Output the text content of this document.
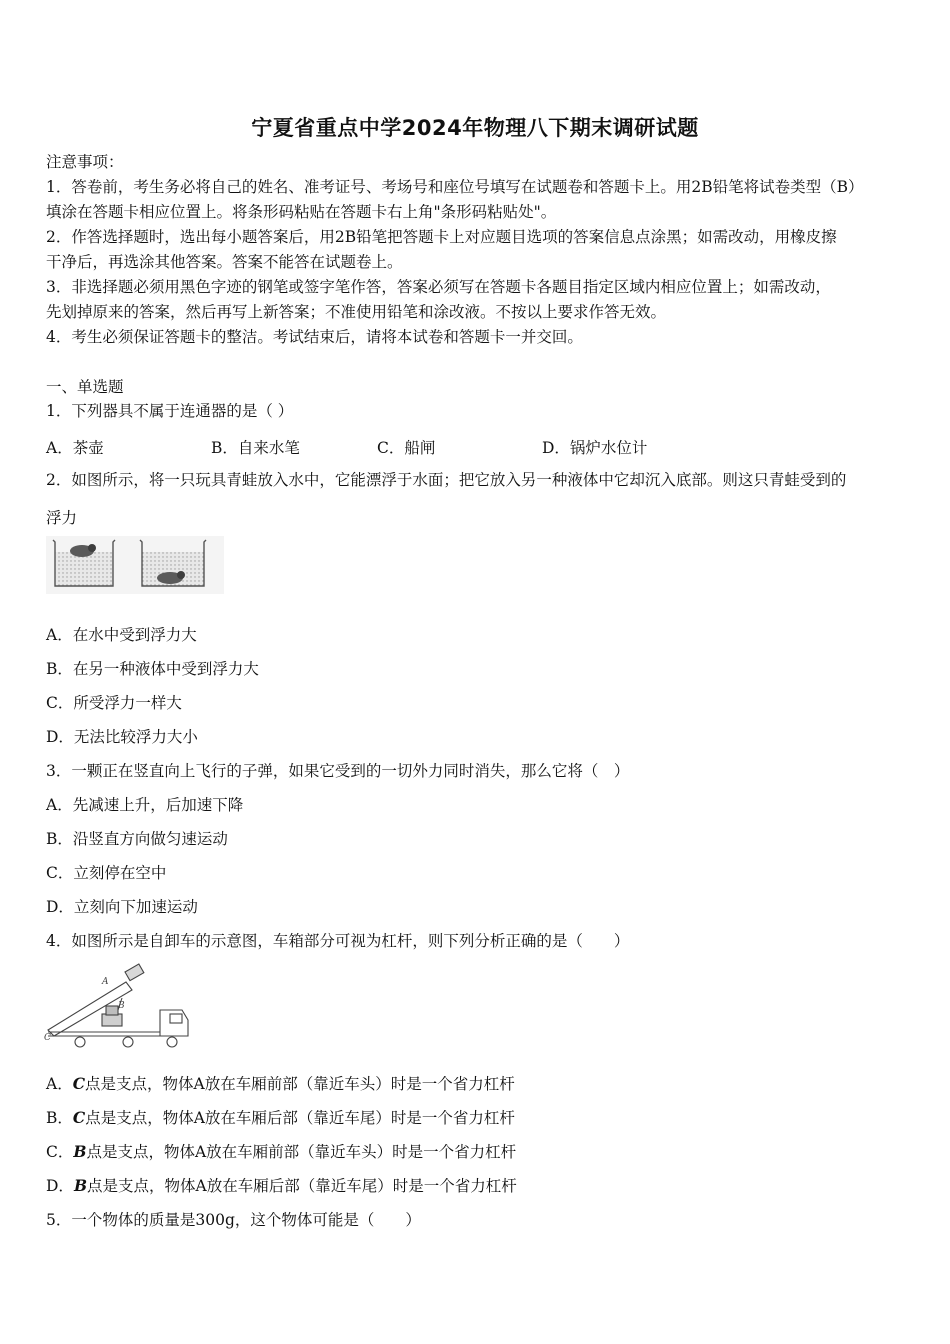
宁夏省重点中学2024年物理八下期末调研试题
注意事项：
1．答卷前，考生务必将自己的姓名、准考证号、考场号和座位号填写在试题卷和答题卡上。用2B铅笔将试卷类型（B）
填涂在答题卡相应位置上。将条形码粘贴在答题卡右上角"条形码粘贴处"。
2．作答选择题时，选出每小题答案后，用2B铅笔把答题卡上对应题目选项的答案信息点涂黑；如需改动，用橡皮擦
干净后，再选涂其他答案。答案不能答在试题卷上。
3．非选择题必须用黑色字迹的钢笔或签字笔作答，答案必须写在答题卡各题目指定区域内相应位置上；如需改动，
先划掉原来的答案，然后再写上新答案；不准使用铅笔和涂改液。不按以上要求作答无效。
4．考生必须保证答题卡的整洁。考试结束后，请将本试卷和答题卡一并交回。
一、单选题
1．下列器具不属于连通器的是（ ）
A．茶壶	B．自来水笔	C．船闸	D．锅炉水位计
2．如图所示，将一只玩具青蛙放入水中，它能漂浮于水面；把它放入另一种液体中它却沉入底部。则这只青蛙受到的
浮力
A．在水中受到浮力大
B．在另一种液体中受到浮力大
C．所受浮力一样大
D．无法比较浮力大小
3．一颗正在竖直向上飞行的子弹，如果它受到的一切外力同时消失，那么它将（　）
A．先减速上升，后加速下降
B．沿竖直方向做匀速运动
C．立刻停在空中
D．立刻向下加速运动
4．如图所示是自卸车的示意图，车箱部分可视为杠杆，则下列分析正确的是（　　）
A
B
C
A．C点是支点，物体A放在车厢前部（靠近车头）时是一个省力杠杆
B．C点是支点，物体A放在车厢后部（靠近车尾）时是一个省力杠杆
C．B点是支点，物体A放在车厢前部（靠近车头）时是一个省力杠杆
D．B点是支点，物体A放在车厢后部（靠近车尾）时是一个省力杠杆
5．一个物体的质量是300g，这个物体可能是（　　）
